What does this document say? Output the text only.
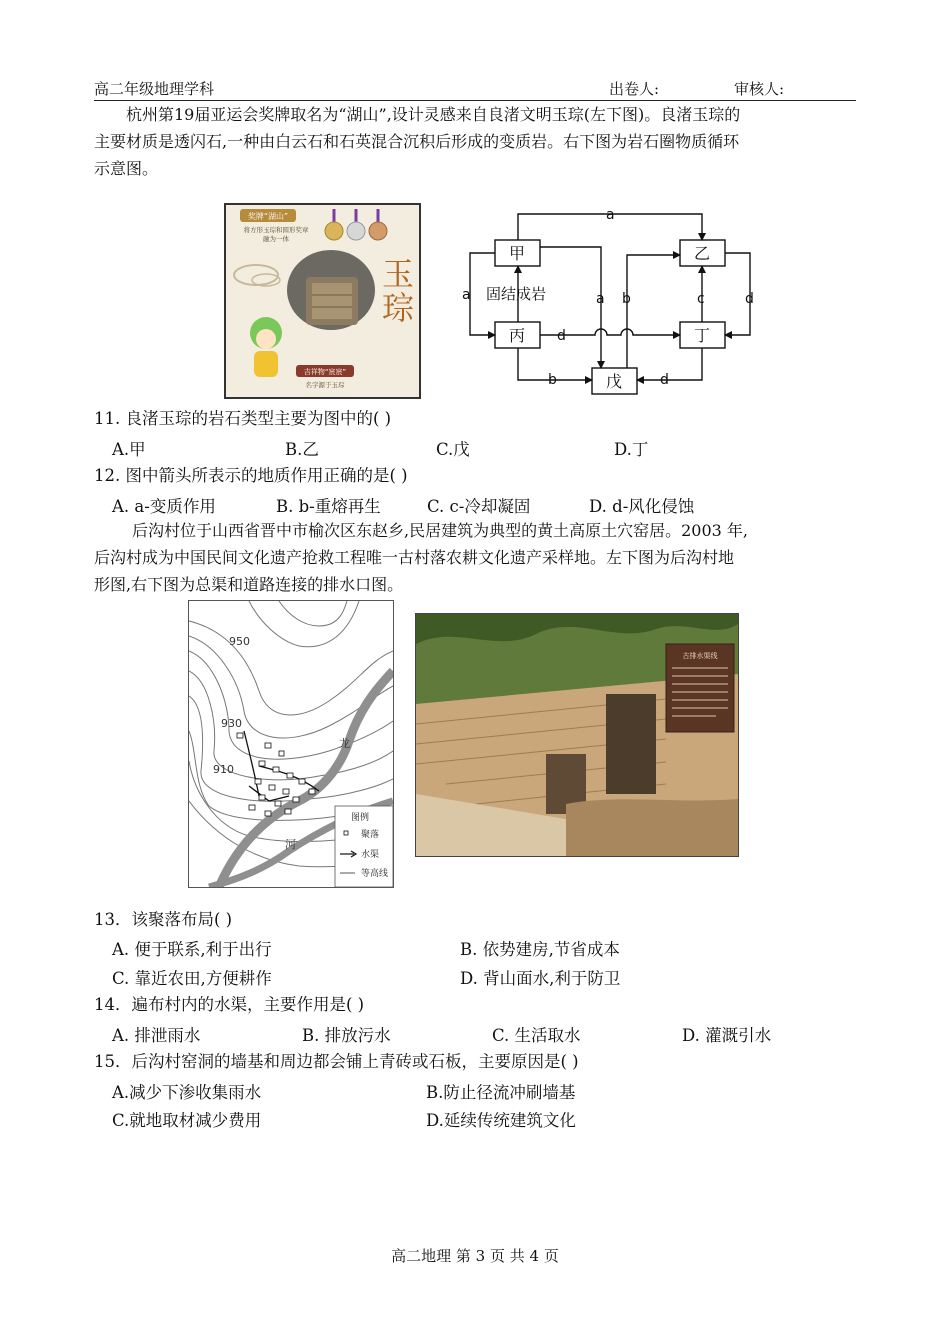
高二年级地理学科	出卷人:	审核人:
杭州第19届亚运会奖牌取名为“湖山”,设计灵感来自良渚文明玉琮(左下图)。良渚玉琮的
主要材质是透闪石,一种由白云石和石英混合沉积后形成的变质岩。右下图为岩石圈物质循环
示意图。
奖牌“湖山”
将方形玉琮和圆形奖章
融为一体
玉
琮
吉祥物“宸宸”
名字源于玉琮
甲	乙
丙	丁
戊
固结成岩
a
a	a b
b
c	d
d
d
11. 良渚玉琮的岩石类型主要为图中的( )
A.甲	B.乙	C.戊	D.丁
12. 图中箭头所表示的地质作用正确的是( )
A. a-变质作用	B. b-重熔再生	C. c-冷却凝固	D. d-风化侵蚀
后沟村位于山西省晋中市榆次区东赵乡,民居建筑为典型的黄土高原土穴窑居。2003 年,
后沟村成为中国民间文化遗产抢救工程唯一古村落农耕文化遗产采样地。左下图为后沟村地
形图,右下图为总渠和道路连接的排水口图。
950
930
910
龙
河
图例
聚落
水渠
等高线
古排水渠线
13．该聚落布局( )
A. 便于联系,利于出行	B. 依势建房,节省成本
C. 靠近农田,方便耕作	D. 背山面水,利于防卫
14．遍布村内的水渠，主要作用是( )
A. 排泄雨水	B. 排放污水	C. 生活取水	D. 灌溉引水
15．后沟村窑洞的墙基和周边都会铺上青砖或石板，主要原因是( )
A.减少下渗收集雨水	B.防止径流冲刷墙基
C.就地取材减少费用	D.延续传统建筑文化
高二地理 第 3 页 共 4 页
